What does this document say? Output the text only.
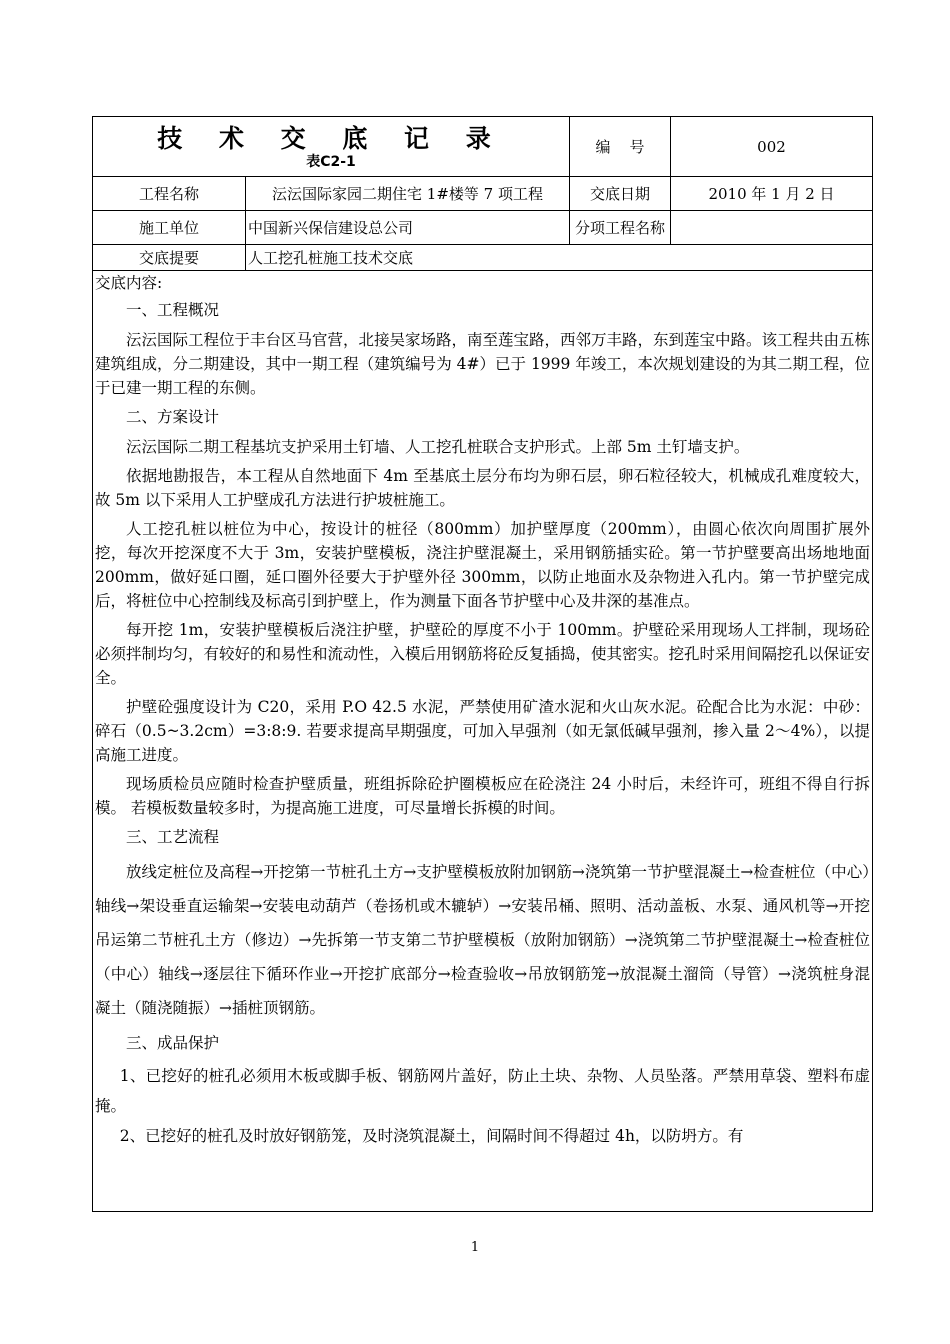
技 术 交 底 记 录
表C2-1
编    号	002
工程名称	沄沄国际家园二期住宅 1#楼等 7 项工程	交底日期	2010 年 1 月 2 日
施工单位	中国新兴保信建设总公司	分项工程名称
交底提要	人工挖孔桩施工技术交底

交底内容:

一、工程概况

沄沄国际工程位于丰台区马官营，北接吴家场路，南至莲宝路，西邻万丰路，东到莲宝中路。该工程共由五栋建筑组成，分二期建设，其中一期工程（建筑编号为 4#）已于 1999 年竣工，本次规划建设的为其二期工程，位于已建一期工程的东侧。

二、方案设计

沄沄国际二期工程基坑支护采用土钉墙、人工挖孔桩联合支护形式。上部 5m 土钉墙支护。

依据地勘报告，本工程从自然地面下 4m 至基底土层分布均为卵石层，卵石粒径较大，机械成孔难度较大，故 5m 以下采用人工护壁成孔方法进行护坡桩施工。

人工挖孔桩以桩位为中心，按设计的桩径（800mm）加护壁厚度（200mm），由圆心依次向周围扩展外挖，每次开挖深度不大于 3m，安装护壁模板，浇注护壁混凝土，采用钢筋插实砼。第一节护壁要高出场地地面 200mm，做好延口圈，延口圈外径要大于护壁外径 300mm，以防止地面水及杂物进入孔内。第一节护壁完成后，将桩位中心控制线及标高引到护壁上，作为测量下面各节护壁中心及井深的基准点。

每开挖 1m，安装护壁模板后浇注护壁，护壁砼的厚度不小于 100mm。护壁砼采用现场人工拌制，现场砼必须拌制均匀，有较好的和易性和流动性，入模后用钢筋将砼反复插捣，使其密实。挖孔时采用间隔挖孔以保证安全。

护壁砼强度设计为 C20，采用 P.O 42.5 水泥，严禁使用矿渣水泥和火山灰水泥。砼配合比为水泥：中砂：碎石（0.5~3.2cm）=3:8:9. 若要求提高早期强度，可加入早强剂（如无氯低碱早强剂，掺入量 2～4%），以提高施工进度。

现场质检员应随时检查护壁质量，班组拆除砼护圈模板应在砼浇注 24 小时后，未经许可，班组不得自行拆模。 若模板数量较多时，为提高施工进度，可尽量增长拆模的时间。

三、工艺流程

放线定桩位及高程→开挖第一节桩孔土方→支护壁模板放附加钢筋→浇筑第一节护壁混凝土→检查桩位（中心）轴线→架设垂直运输架→安装电动葫芦（卷扬机或木辘轳）→安装吊桶、照明、活动盖板、水泵、通风机等→开挖吊运第二节桩孔土方（修边）→先拆第一节支第二节护壁模板（放附加钢筋）→浇筑第二节护壁混凝土→检查桩位（中心）轴线→逐层往下循环作业→开挖扩底部分→检查验收→吊放钢筋笼→放混凝土溜筒（导管）→浇筑桩身混凝土（随浇随振）→插桩顶钢筋。

三、成品保护

1、已挖好的桩孔必须用木板或脚手板、钢筋网片盖好，防止土块、杂物、人员坠落。严禁用草袋、塑料布虚掩。

2、已挖好的桩孔及时放好钢筋笼，及时浇筑混凝土，间隔时间不得超过 4h，以防坍方。有

1
